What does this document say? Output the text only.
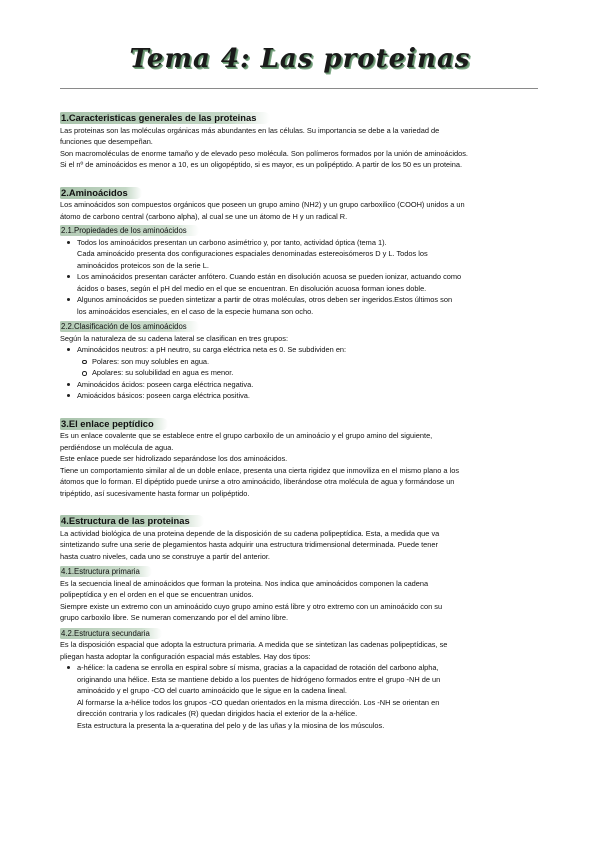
Tema 4: Las proteinas
1.Caracteristicas generales de las proteinas

Las proteinas son las moléculas orgánicas más abundantes en las células. Su importancia se debe a la variedad de

funciones que desempeñan.

Son macromoléculas de enorme tamaño y de elevado peso molécula. Son polímeros formados por la unión de aminoácidos.

Si el nº de aminoácidos es menor a 10, es un oligopéptido, si es mayor, es un polipéptido. A partir de los 50 es un proteina.

2.Aminoácidos

Los aminoácidos son compuestos orgánicos que poseen un grupo amino (NH2) y un grupo carboxilico (COOH) unidos a un

átomo de carbono central (carbono alpha), al cual se une un átomo de H y un radical R.

2.1.Propiedades de los aminoácidos

Todos los aminoácidos presentan un carbono asimétrico y, por tanto, actividad óptica (tema 1).

Cada aminoácido presenta dos configuraciones espaciales denominadas estereoisómeros D y L. Todos los

aminoácidos proteicos son de la serie L.

Los aminoácidos presentan carácter anfótero. Cuando están en disolución acuosa se pueden ionizar, actuando como

ácidos o bases, según el pH del medio en el que se encuentran. En disolución acuosa forman iones doble.

Algunos aminoácidos se pueden sintetizar a partir de otras moléculas, otros deben ser ingeridos.Estos últimos son

los aminoácidos esenciales, en el caso de la especie humana son ocho.

2.2.Clasificación de los aminoácidos

Según la naturaleza de su cadena lateral se clasifican en tres grupos:

Aminoácidos neutros: a pH neutro, su carga eléctrica neta es 0. Se subdividen en:

Polares: son muy solubles en agua.

Apolares: su solubilidad en agua es menor.

Aminoácidos ácidos: poseen carga eléctrica negativa.

Amioácidos básicos: poseen carga eléctrica positiva.

3.El enlace peptídico

Es un enlace covalente que se establece entre el grupo carboxilo de un aminoácio y el grupo amino del siguiente,

perdiéndose un molécula de agua.

Este enlace puede ser hidrolizado separándose los dos aminoácidos.

Tiene un comportamiento similar al de un doble enlace, presenta una cierta rigidez que inmoviliza en el mismo plano a los

átomos que lo forman. El dipéptido puede unirse a otro aminoácido, liberándose otra molécula de agua y formándose un

tripéptido, así sucesivamente hasta formar un polipéptido.

4.Estructura de las proteinas

La actividad biológica de una proteina depende de la disposición de su cadena polipeptídica. Esta, a medida que va

sintetizando sufre una serie de plegamientos hasta adquirir una estructura tridimensional determinada. Puede tener

hasta cuatro niveles, cada uno se construye a partir del anterior.

4.1.Estructura primaria

Es la secuencia lineal de aminoácidos que forman la proteina. Nos indica que aminoácidos componen la cadena

polipeptídica y en el orden en el que se encuentran unidos.

Siempre existe un extremo con un aminoácido cuyo grupo amino está libre y otro extremo con un aminoácido con su

grupo carboxilo libre. Se numeran comenzando por el del amino libre.

4.2.Estructura secundaria

Es la disposición espacial que adopta la estructura primaria. A medida que se sintetizan las cadenas polipeptídicas, se

pliegan hasta adoptar la configuración espacial más estables. Hay dos tipos:

a-hélice: la cadena se enrolla en espiral sobre sí misma, gracias a la capacidad de rotación del carbono alpha,

originando una hélice. Esta se mantiene debido a los puentes de hidrógeno formados entre el grupo -NH de un

aminoácido y el grupo -CO del cuarto aminoácido que le sigue en la cadena lineal.

Al formarse la a-hélice todos los grupos -CO quedan orientados en la misma dirección. Los -NH se orientan en

dirección contraria y los radicales (R) quedan dirigidos hacia el exterior de la a-hélice.

Esta estructura la presenta la a-queratina del pelo y de las uñas y la miosina de los músculos.
